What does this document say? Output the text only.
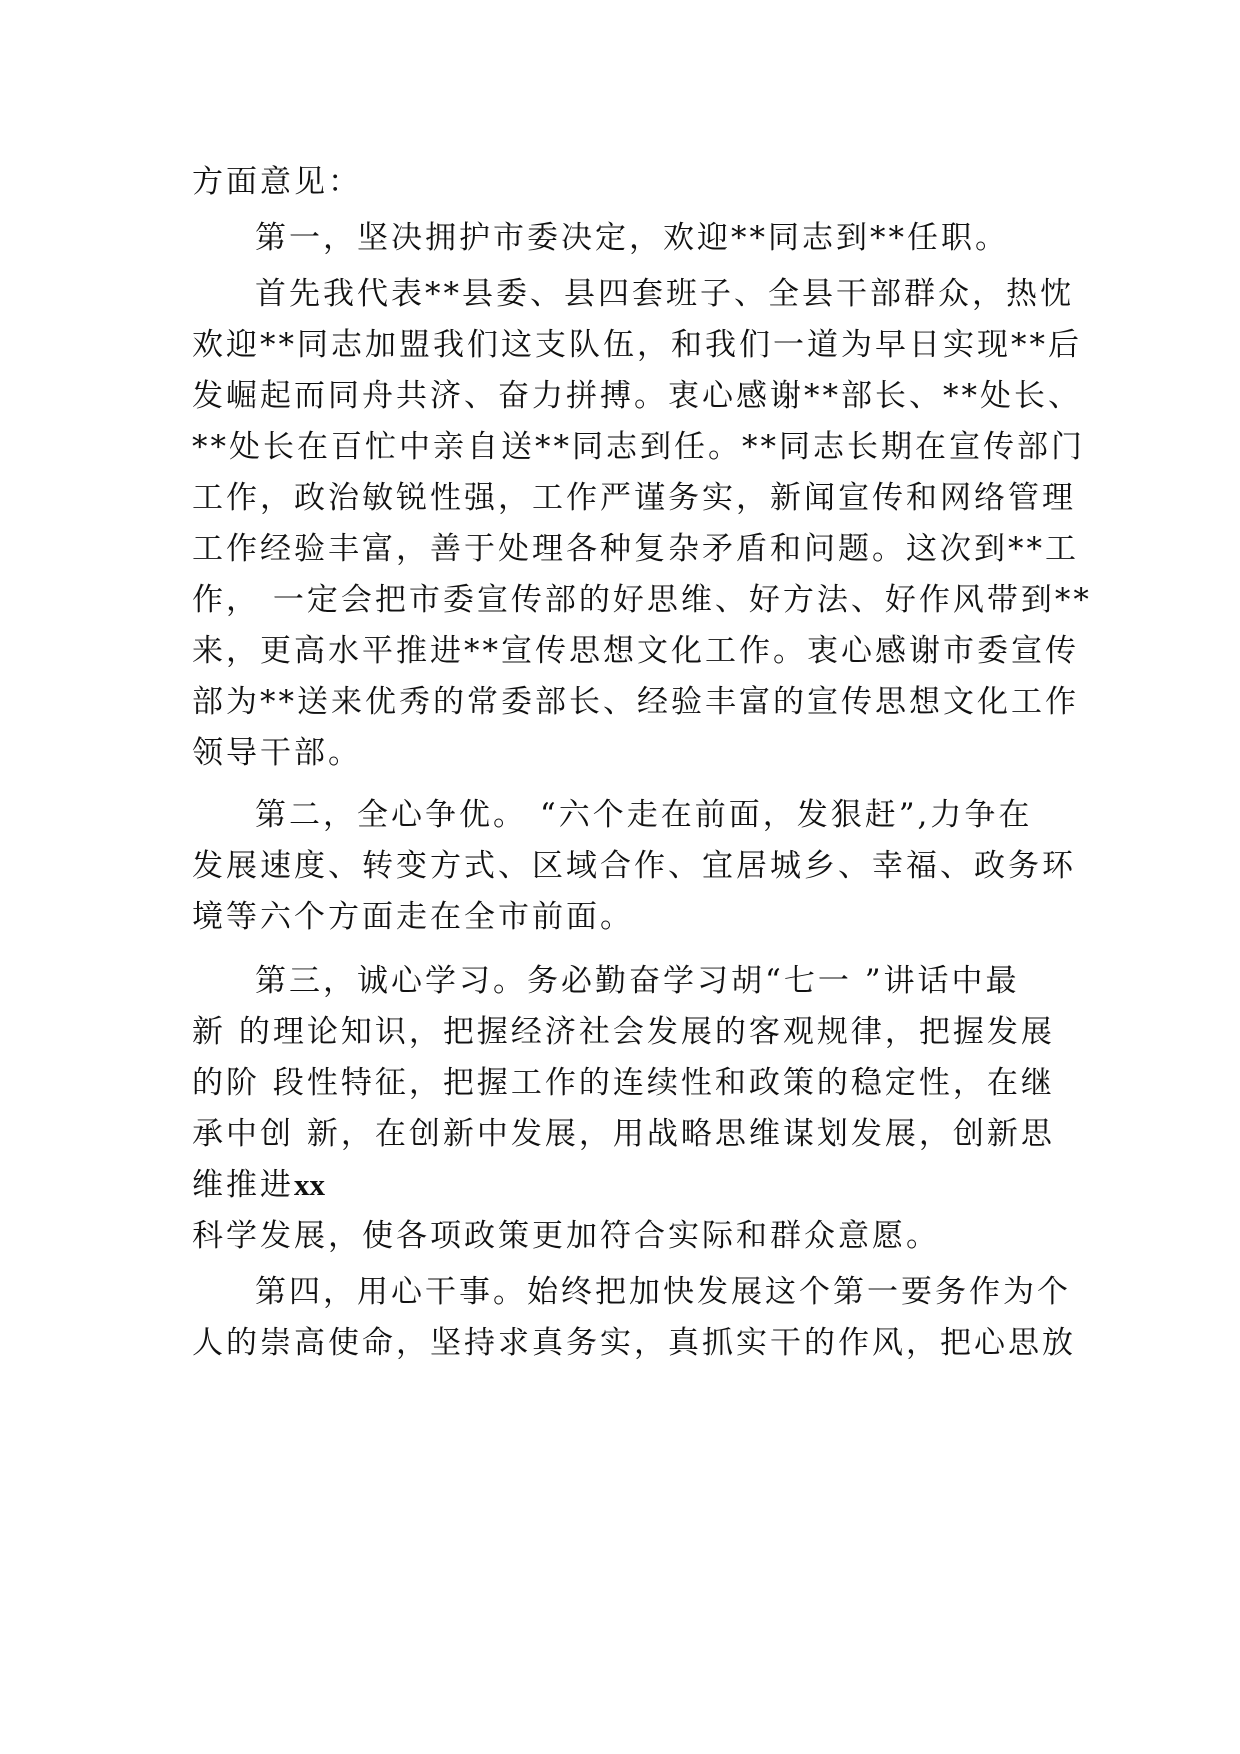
方面意见：
第一，坚决拥护市委决定，欢迎**同志到**任职。
首先我代表**县委、县四套班子、全县干部群众，热忱
欢迎**同志加盟我们这支队伍，和我们一道为早日实现**后
发崛起而同舟共济、奋力拼搏。衷心感谢**部长、**处长、
**处长在百忙中亲自送**同志到任。**同志长期在宣传部门
工作，政治敏锐性强，工作严谨务实，新闻宣传和网络管理
工作经验丰富，善于处理各种复杂矛盾和问题。这次到**工
作， 一定会把市委宣传部的好思维、好方法、好作风带到**
来，更高水平推进**宣传思想文化工作。衷心感谢市委宣传
部为**送来优秀的常委部长、经验丰富的宣传思想文化工作
领导干部。
第二，全心争优。 “六个走在前面，发狠赶”,力争在
发展速度、转变方式、区域合作、宜居城乡、幸福、政务环
境等六个方面走在全市前面。
第三，诚心学习。务必勤奋学习胡“七一 ”讲话中最
新 的理论知识，把握经济社会发展的客观规律，把握发展
的阶 段性特征，把握工作的连续性和政策的稳定性，在继
承中创 新，在创新中发展，用战略思维谋划发展，创新思
维推进xx
科学发展，使各项政策更加符合实际和群众意愿。
第四，用心干事。始终把加快发展这个第一要务作为个
人的崇高使命，坚持求真务实，真抓实干的作风，把心思放
